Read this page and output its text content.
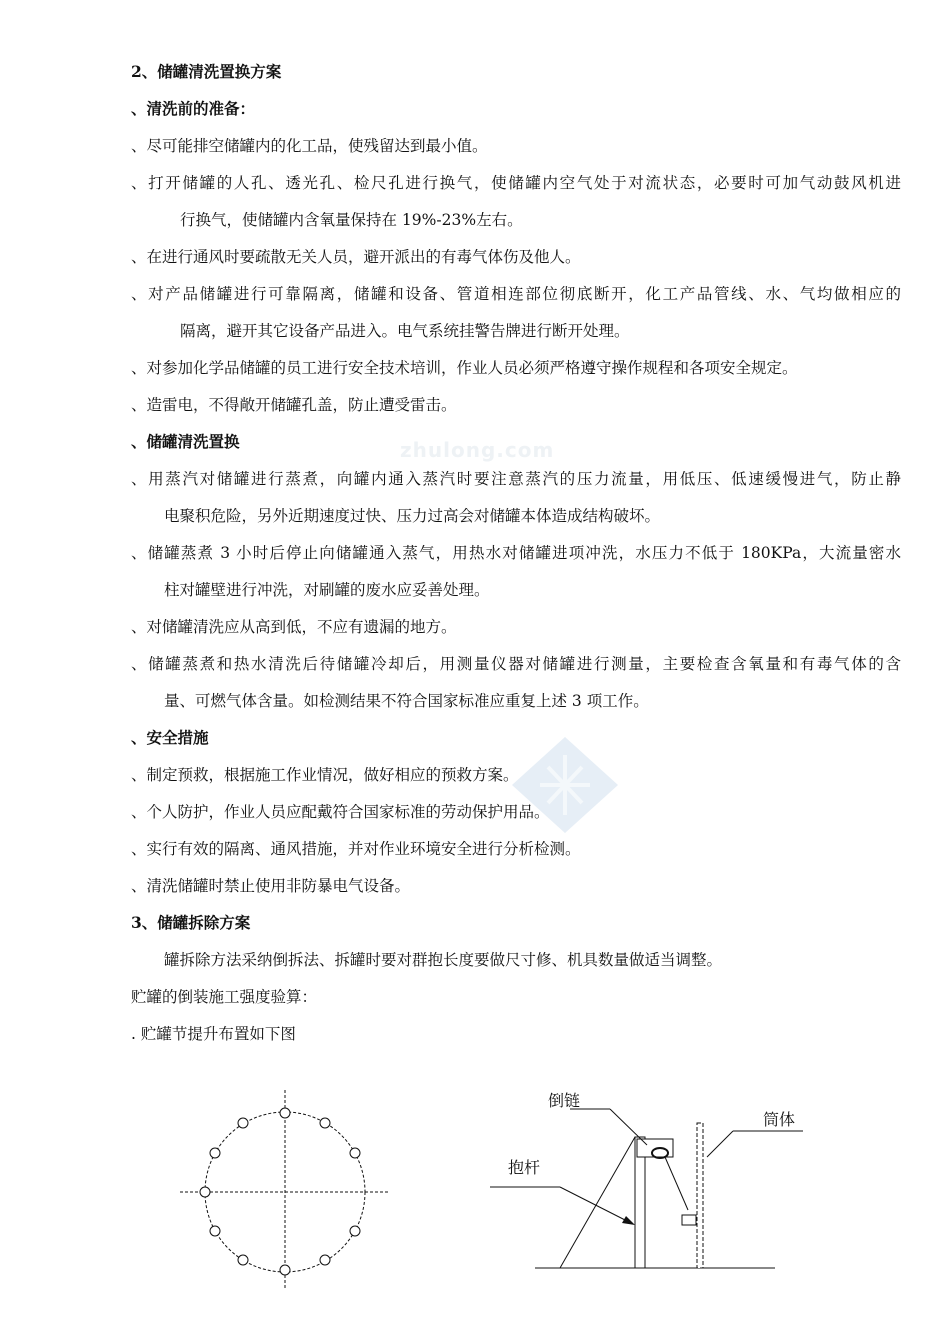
zhulong.com
2、储罐清洗置换方案
、清洗前的准备：
、尽可能排空储罐内的化工品，使残留达到最小值。
、打开储罐的人孔、透光孔、检尺孔进行换气，使储罐内空气处于对流状态，必要时可加气动鼓风机进
行换气，使储罐内含氧量保持在 19%-23%左右。
、在进行通风时要疏散无关人员，避开派出的有毒气体伤及他人。
、对产品储罐进行可靠隔离，储罐和设备、管道相连部位彻底断开，化工产品管线、水、气均做相应的
隔离，避开其它设备产品进入。电气系统挂警告牌进行断开处理。
、对参加化学品储罐的员工进行安全技术培训，作业人员必须严格遵守操作规程和各项安全规定。
、造雷电，不得敞开储罐孔盖，防止遭受雷击。
、储罐清洗置换
、用蒸汽对储罐进行蒸煮，向罐内通入蒸汽时要注意蒸汽的压力流量，用低压、低速缓慢进气，防止静
电聚积危险，另外近期速度过快、压力过高会对储罐本体造成结构破坏。
、储罐蒸煮 3 小时后停止向储罐通入蒸气，用热水对储罐进项冲洗，水压力不低于 180KPa，大流量密水
柱对罐壁进行冲洗，对刷罐的废水应妥善处理。
、对储罐清洗应从高到低，不应有遗漏的地方。
、储罐蒸煮和热水清洗后待储罐冷却后，用测量仪器对储罐进行测量，主要检查含氧量和有毒气体的含
量、可燃气体含量。如检测结果不符合国家标准应重复上述 3 项工作。
、安全措施
、制定预救，根据施工作业情况，做好相应的预救方案。
、个人防护，作业人员应配戴符合国家标准的劳动保护用品。
、实行有效的隔离、通风措施，并对作业环境安全进行分析检测。
、清洗储罐时禁止使用非防暴电气设备。
3、储罐拆除方案
罐拆除方法采纳倒拆法、拆罐时要对群抱长度要做尺寸修、机具数量做适当调整。
贮罐的倒装施工强度验算：
. 贮罐节提升布置如下图
倒链
筒体
抱杆
